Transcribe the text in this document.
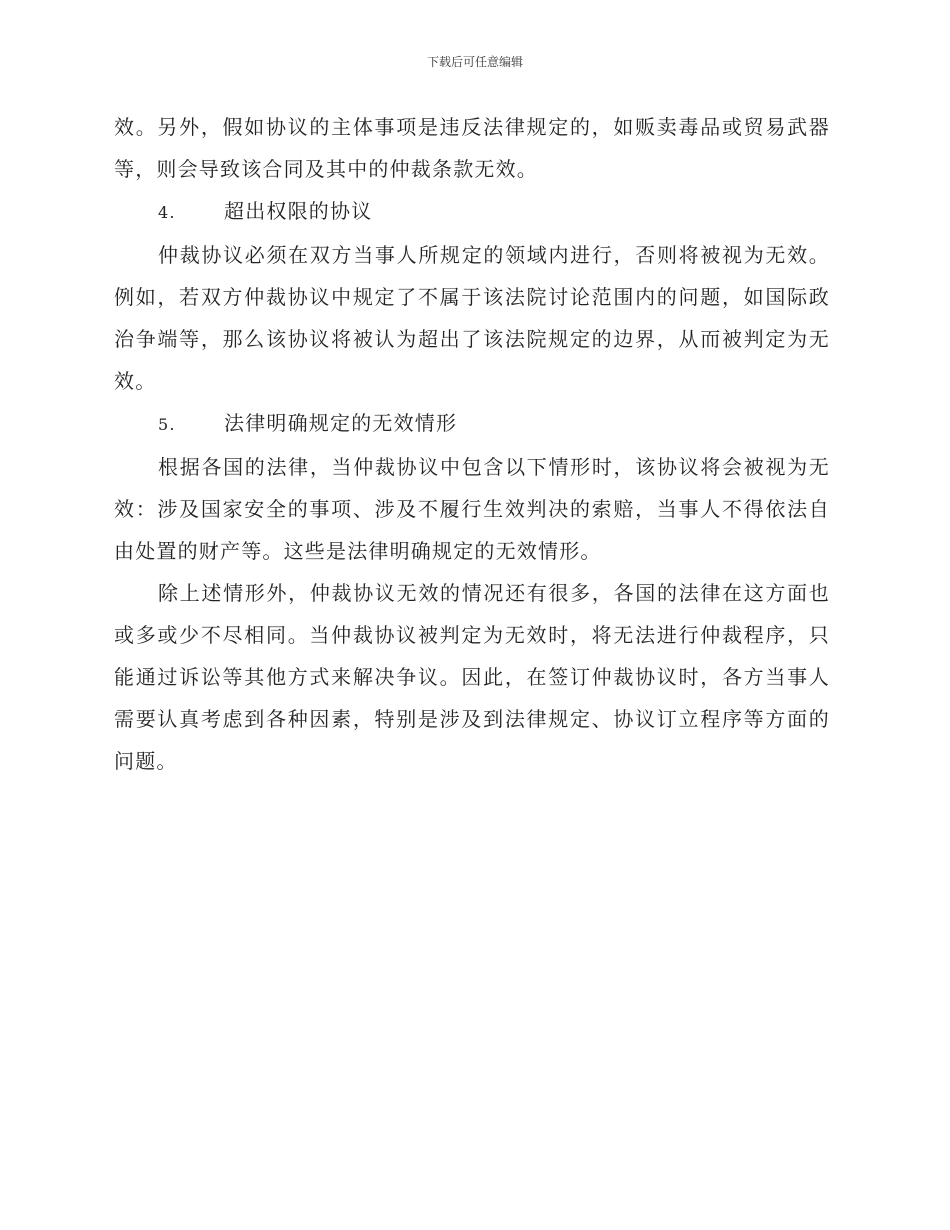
下载后可任意编辑

效。另外，假如协议的主体事项是违反法律规定的，如贩卖毒品或贸易武器等，则会导致该合同及其中的仲裁条款无效。

4. 超出权限的协议

仲裁协议必须在双方当事人所规定的领域内进行，否则将被视为无效。例如，若双方仲裁协议中规定了不属于该法院讨论范围内的问题，如国际政治争端等，那么该协议将被认为超出了该法院规定的边界，从而被判定为无效。

5. 法律明确规定的无效情形

根据各国的法律，当仲裁协议中包含以下情形时，该协议将会被视为无效：涉及国家安全的事项、涉及不履行生效判决的索赔，当事人不得依法自由处置的财产等。这些是法律明确规定的无效情形。

除上述情形外，仲裁协议无效的情况还有很多，各国的法律在这方面也或多或少不尽相同。当仲裁协议被判定为无效时，将无法进行仲裁程序，只能通过诉讼等其他方式来解决争议。因此，在签订仲裁协议时，各方当事人需要认真考虑到各种因素，特别是涉及到法律规定、协议订立程序等方面的问题。
